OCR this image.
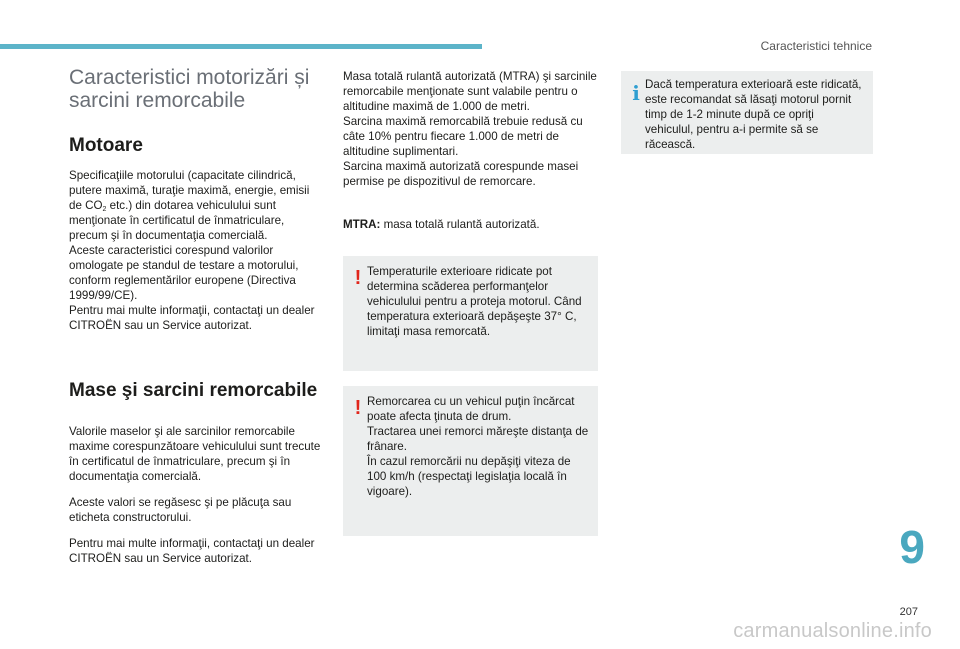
Caracteristici tehnice
Caracteristici motorizări și sarcini remorcabile
Motoare

Specificaţiile motorului (capacitate cilindrică, putere maximă, turaţie maximă, energie, emisii de $CO_2$ etc.) din dotarea vehiculului sunt menţionate în certificatul de înmatriculare, precum şi în documentaţia comercială.

Aceste caracteristici corespund valorilor omologate pe standul de testare a motorului, conform reglementărilor europene (Directiva 1999/99/CE).

Pentru mai multe informaţii, contactaţi un dealer CITROËN sau un Service autorizat.

Mase şi sarcini remorcabile

Valorile maselor şi ale sarcinilor remorcabile maxime corespunzătoare vehiculului sunt trecute în certificatul de înmatriculare, precum şi în documentaţia comercială.

Aceste valori se regăsesc şi pe plăcuţa sau eticheta constructorului.

Pentru mai multe informaţii, contactaţi un dealer CITROËN sau un Service autorizat.

Masa totală rulantă autorizată (MTRA) şi sarcinile remorcabile menţionate sunt valabile pentru o altitudine maximă de 1.000 de metri.

Sarcina maximă remorcabilă trebuie redusă cu câte 10% pentru fiecare 1.000 de metri de altitudine suplimentari.

Sarcina maximă autorizată corespunde masei permise pe dispozitivul de remorcare.

MTRA: masa totală rulantă autorizată.

! Temperaturile exterioare ridicate pot determina scăderea performanţelor vehiculului pentru a proteja motorul. Când temperatura exterioară depăşeşte 37° C, limitaţi masa remorcată.
! Remorcarea cu un vehicul puţin încărcat poate afecta ţinuta de drum.

Tractarea unei remorci măreşte distanţa de frânare.

În cazul remorcării nu depăşiţi viteza de 100 km/h (respectaţi legislaţia locală în vigoare).

i Dacă temperatura exterioară este ridicată, este recomandat să lăsaţi motorul pornit timp de 1-2 minute după ce opriţi vehiculul, pentru a-i permite să se răcească.
9
207
carmanualsonline.info
